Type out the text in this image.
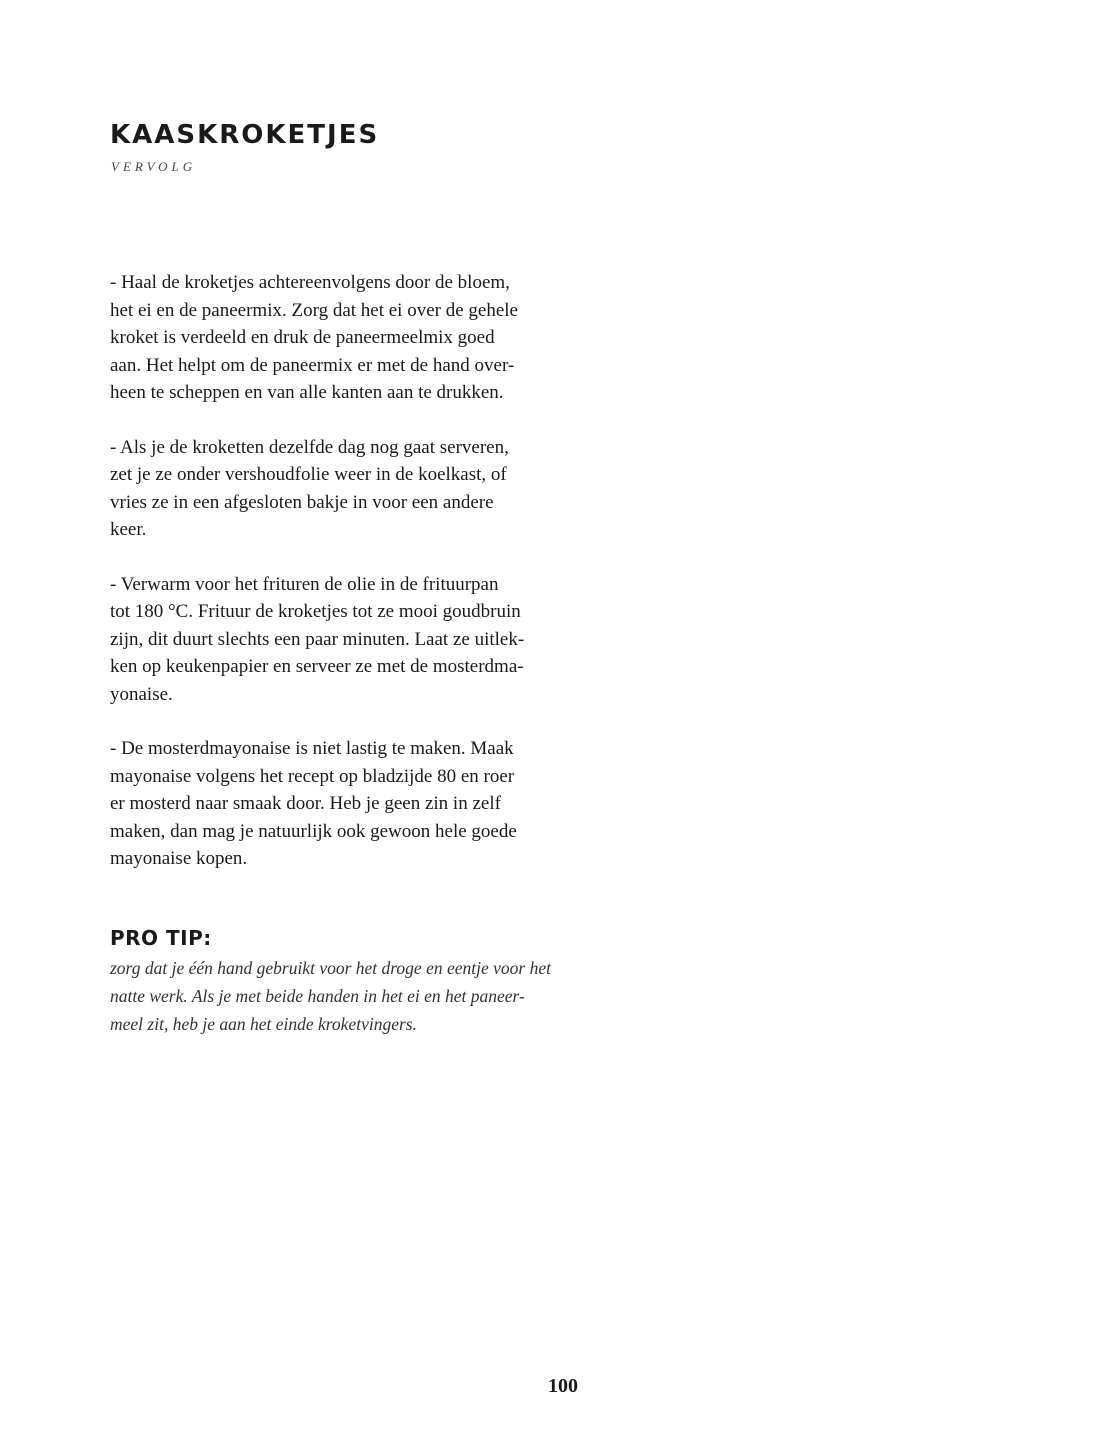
KAASKROKETJES
VERVOLG

- Haal de kroketjes achtereenvolgens door de bloem,
het ei en de paneermix. Zorg dat het ei over de gehele
kroket is verdeeld en druk de paneermeelmix goed
aan. Het helpt om de paneermix er met de hand over-
heen te scheppen en van alle kanten aan te drukken.

- Als je de kroketten dezelfde dag nog gaat serveren,
zet je ze onder vershoudfolie weer in de koelkast, of
vries ze in een afgesloten bakje in voor een andere
keer.

- Verwarm voor het frituren de olie in de frituurpan
tot 180 °C. Frituur de kroketjes tot ze mooi goudbruin
zijn, dit duurt slechts een paar minuten. Laat ze uitlek-
ken op keukenpapier en serveer ze met de mosterdma-
yonaise.

- De mosterdmayonaise is niet lastig te maken. Maak
mayonaise volgens het recept op bladzijde 80 en roer
er mosterd naar smaak door. Heb je geen zin in zelf
maken, dan mag je natuurlijk ook gewoon hele goede
mayonaise kopen.

PRO TIP:
zorg dat je één hand gebruikt voor het droge en eentje voor het
natte werk. Als je met beide handen in het ei en het paneer-
meel zit, heb je aan het einde kroketvingers.
100
